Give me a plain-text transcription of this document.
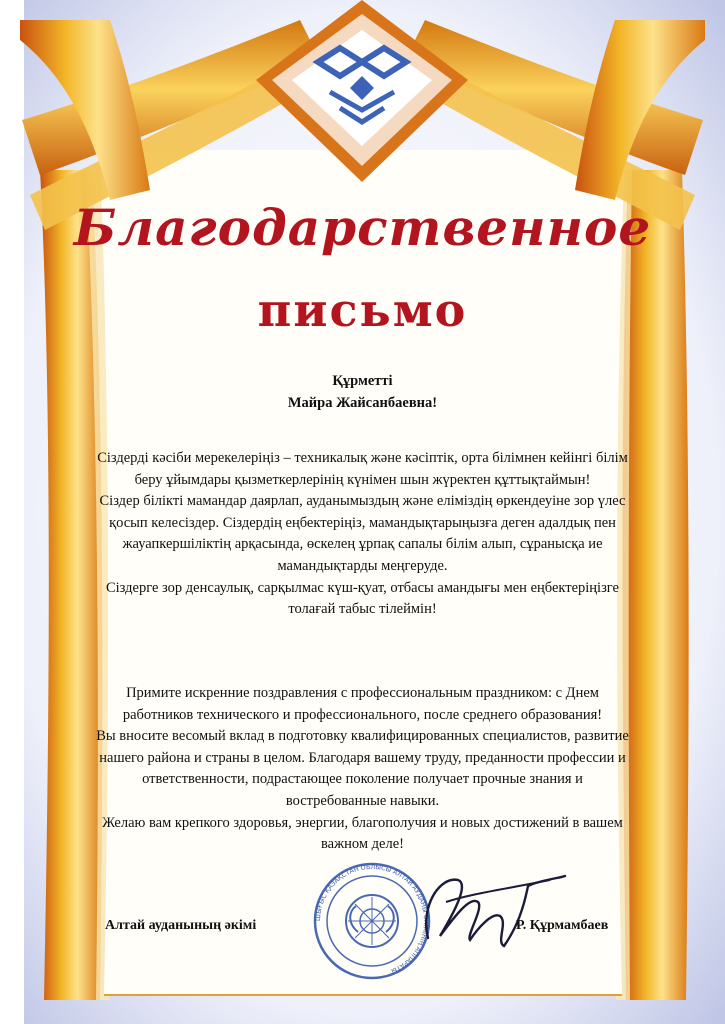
Благодарственное
письмо
Құрметті
Майра Жайсанбаевна!

Сіздерді кәсіби мерекелеріңіз – техникалық және кәсіптік, орта білімнен кейінгі білім беру ұйымдары қызметкерлерінің күнімен шын жүректен құттықтаймын!

Сіздер білікті мамандар даярлап, ауданымыздың және еліміздің өркендеуіне зор үлес қосып келесіздер. Сіздердің еңбектеріңіз, мамандықтарыңызға деген адалдық пен жауапкершіліктің арқасында, өскелең ұрпақ сапалы білім алып, сұранысқа ие мамандықтарды меңгеруде.

Сіздерге зор денсаулық, сарқылмас күш-қуат, отбасы амандығы мен еңбектеріңізге толағай табыс тілеймін!

Примите искренние поздравления с профессиональным праздником: с Днем работников технического и профессионального, после среднего образования!

Вы вносите весомый вклад в подготовку квалифицированных специалистов, развитие нашего района и страны в целом. Благодаря вашему труду, преданности профессии и ответственности, подрастающее поколение получает прочные знания и востребованные навыки.

Желаю вам крепкого здоровья, энергии, благополучия и новых достижений в вашем важном деле!

ШЫҒЫС ҚАЗАҚСТАН ОБЛЫСЫ АЛТАЙ АУДАНЫ ӘКІМІНІҢ АППАРАТЫ
Алтай ауданының әкімі	Р. Құрмамбаев
